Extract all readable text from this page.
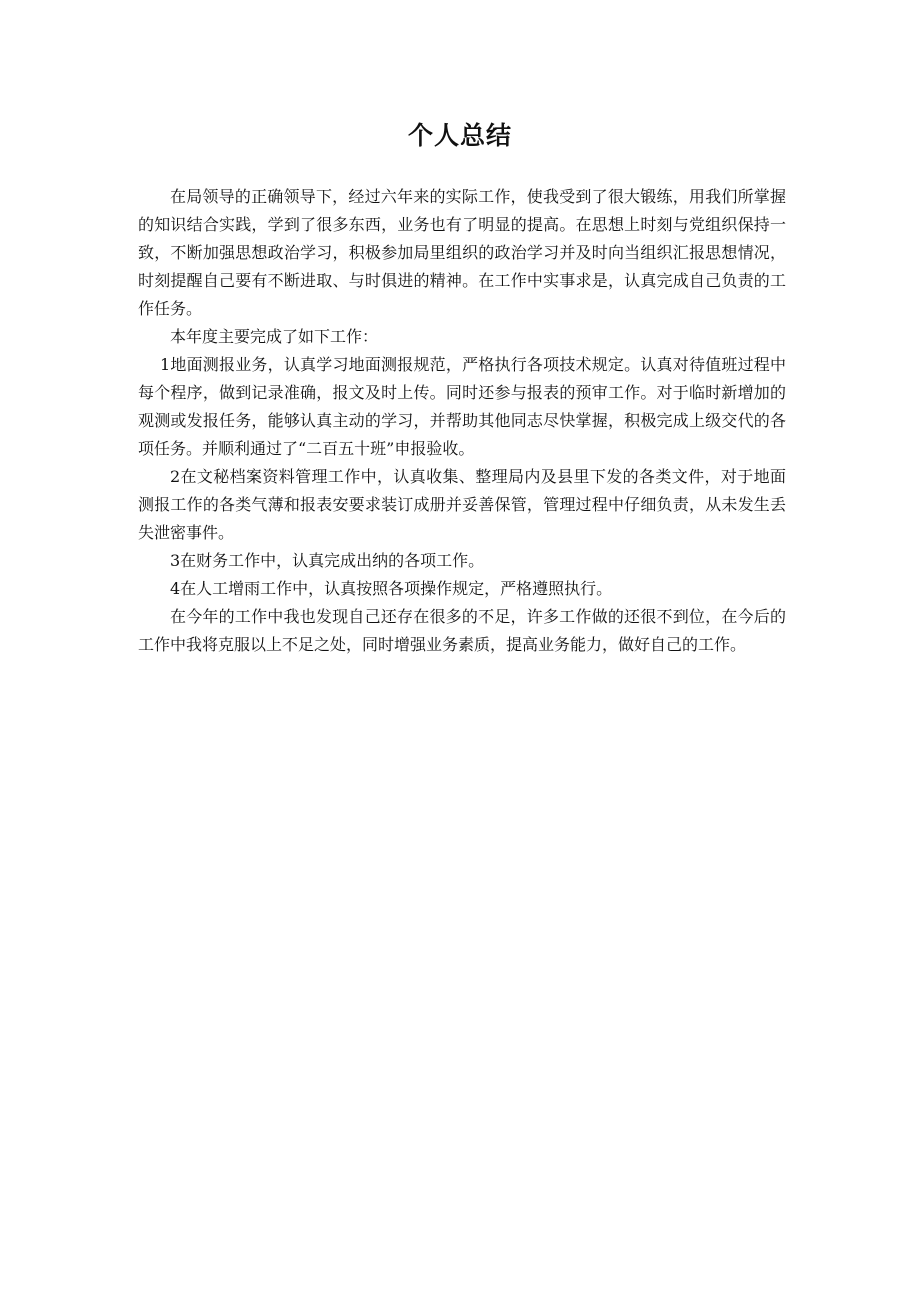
个人总结

在局领导的正确领导下，经过六年来的实际工作，使我受到了很大锻练，用我们所掌握的知识结合实践，学到了很多东西，业务也有了明显的提高。在思想上时刻与党组织保持一致，不断加强思想政治学习，积极参加局里组织的政治学习并及时向当组织汇报思想情况，时刻提醒自己要有不断进取、与时俱进的精神。在工作中实事求是，认真完成自己负责的工作任务。

本年度主要完成了如下工作：

1地面测报业务，认真学习地面测报规范，严格执行各项技术规定。认真对待值班过程中每个程序，做到记录准确，报文及时上传。同时还参与报表的预审工作。对于临时新增加的观测或发报任务，能够认真主动的学习，并帮助其他同志尽快掌握，积极完成上级交代的各项任务。并顺利通过了“二百五十班”申报验收。

2在文秘档案资料管理工作中，认真收集、整理局内及县里下发的各类文件，对于地面测报工作的各类气薄和报表安要求装订成册并妥善保管，管理过程中仔细负责，从未发生丢失泄密事件。

3在财务工作中，认真完成出纳的各项工作。

4在人工增雨工作中，认真按照各项操作规定，严格遵照执行。

在今年的工作中我也发现自己还存在很多的不足，许多工作做的还很不到位，在今后的工作中我将克服以上不足之处，同时增强业务素质，提高业务能力，做好自己的工作。
